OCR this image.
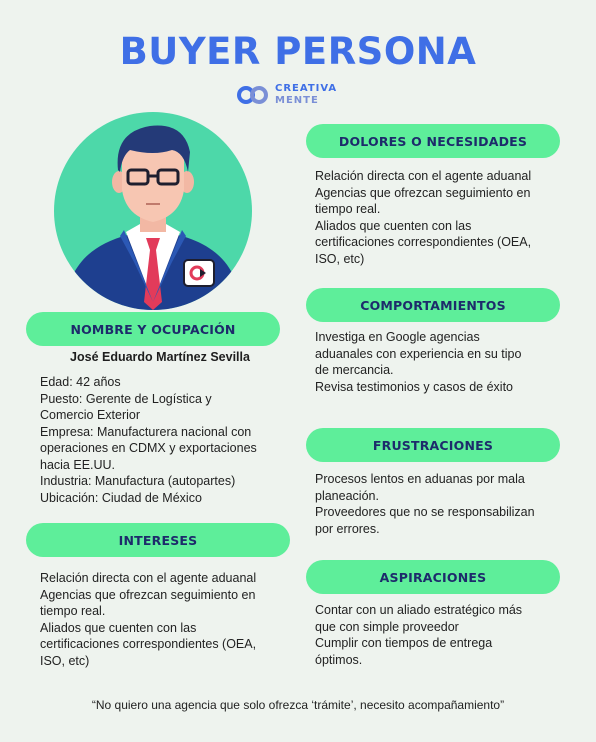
BUYER PERSONA
CREATIVA
MENTE
NOMBRE Y OCUPACIÓN
José Eduardo Martínez Sevilla

Edad: 42 años

Puesto: Gerente de Logística y

Comercio Exterior

Empresa: Manufacturera nacional con

operaciones en CDMX y exportaciones

hacia EE.UU.

Industria: Manufactura (autopartes)

Ubicación: Ciudad de México

INTERESES

Relación directa con el agente aduanal

Agencias que ofrezcan seguimiento en

tiempo real.

Aliados que cuenten con las

certificaciones correspondientes (OEA,

ISO, etc)

DOLORES O NECESIDADES

Relación directa con el agente aduanal

Agencias que ofrezcan seguimiento en

tiempo real.

Aliados que cuenten con las

certificaciones correspondientes (OEA,

ISO, etc)

COMPORTAMIENTOS

Investiga en Google agencias

aduanales con experiencia en su tipo

de mercancia.

Revisa testimonios y casos de éxito

FRUSTRACIONES

Procesos lentos en aduanas por mala

planeación.

Proveedores que no se responsabilizan

por errores.

ASPIRACIONES

Contar con un aliado estratégico más

que con simple proveedor

Cumplir con tiempos de entrega

óptimos.

“No quiero una agencia que solo ofrezca ‘trámite’, necesito acompañamiento”
